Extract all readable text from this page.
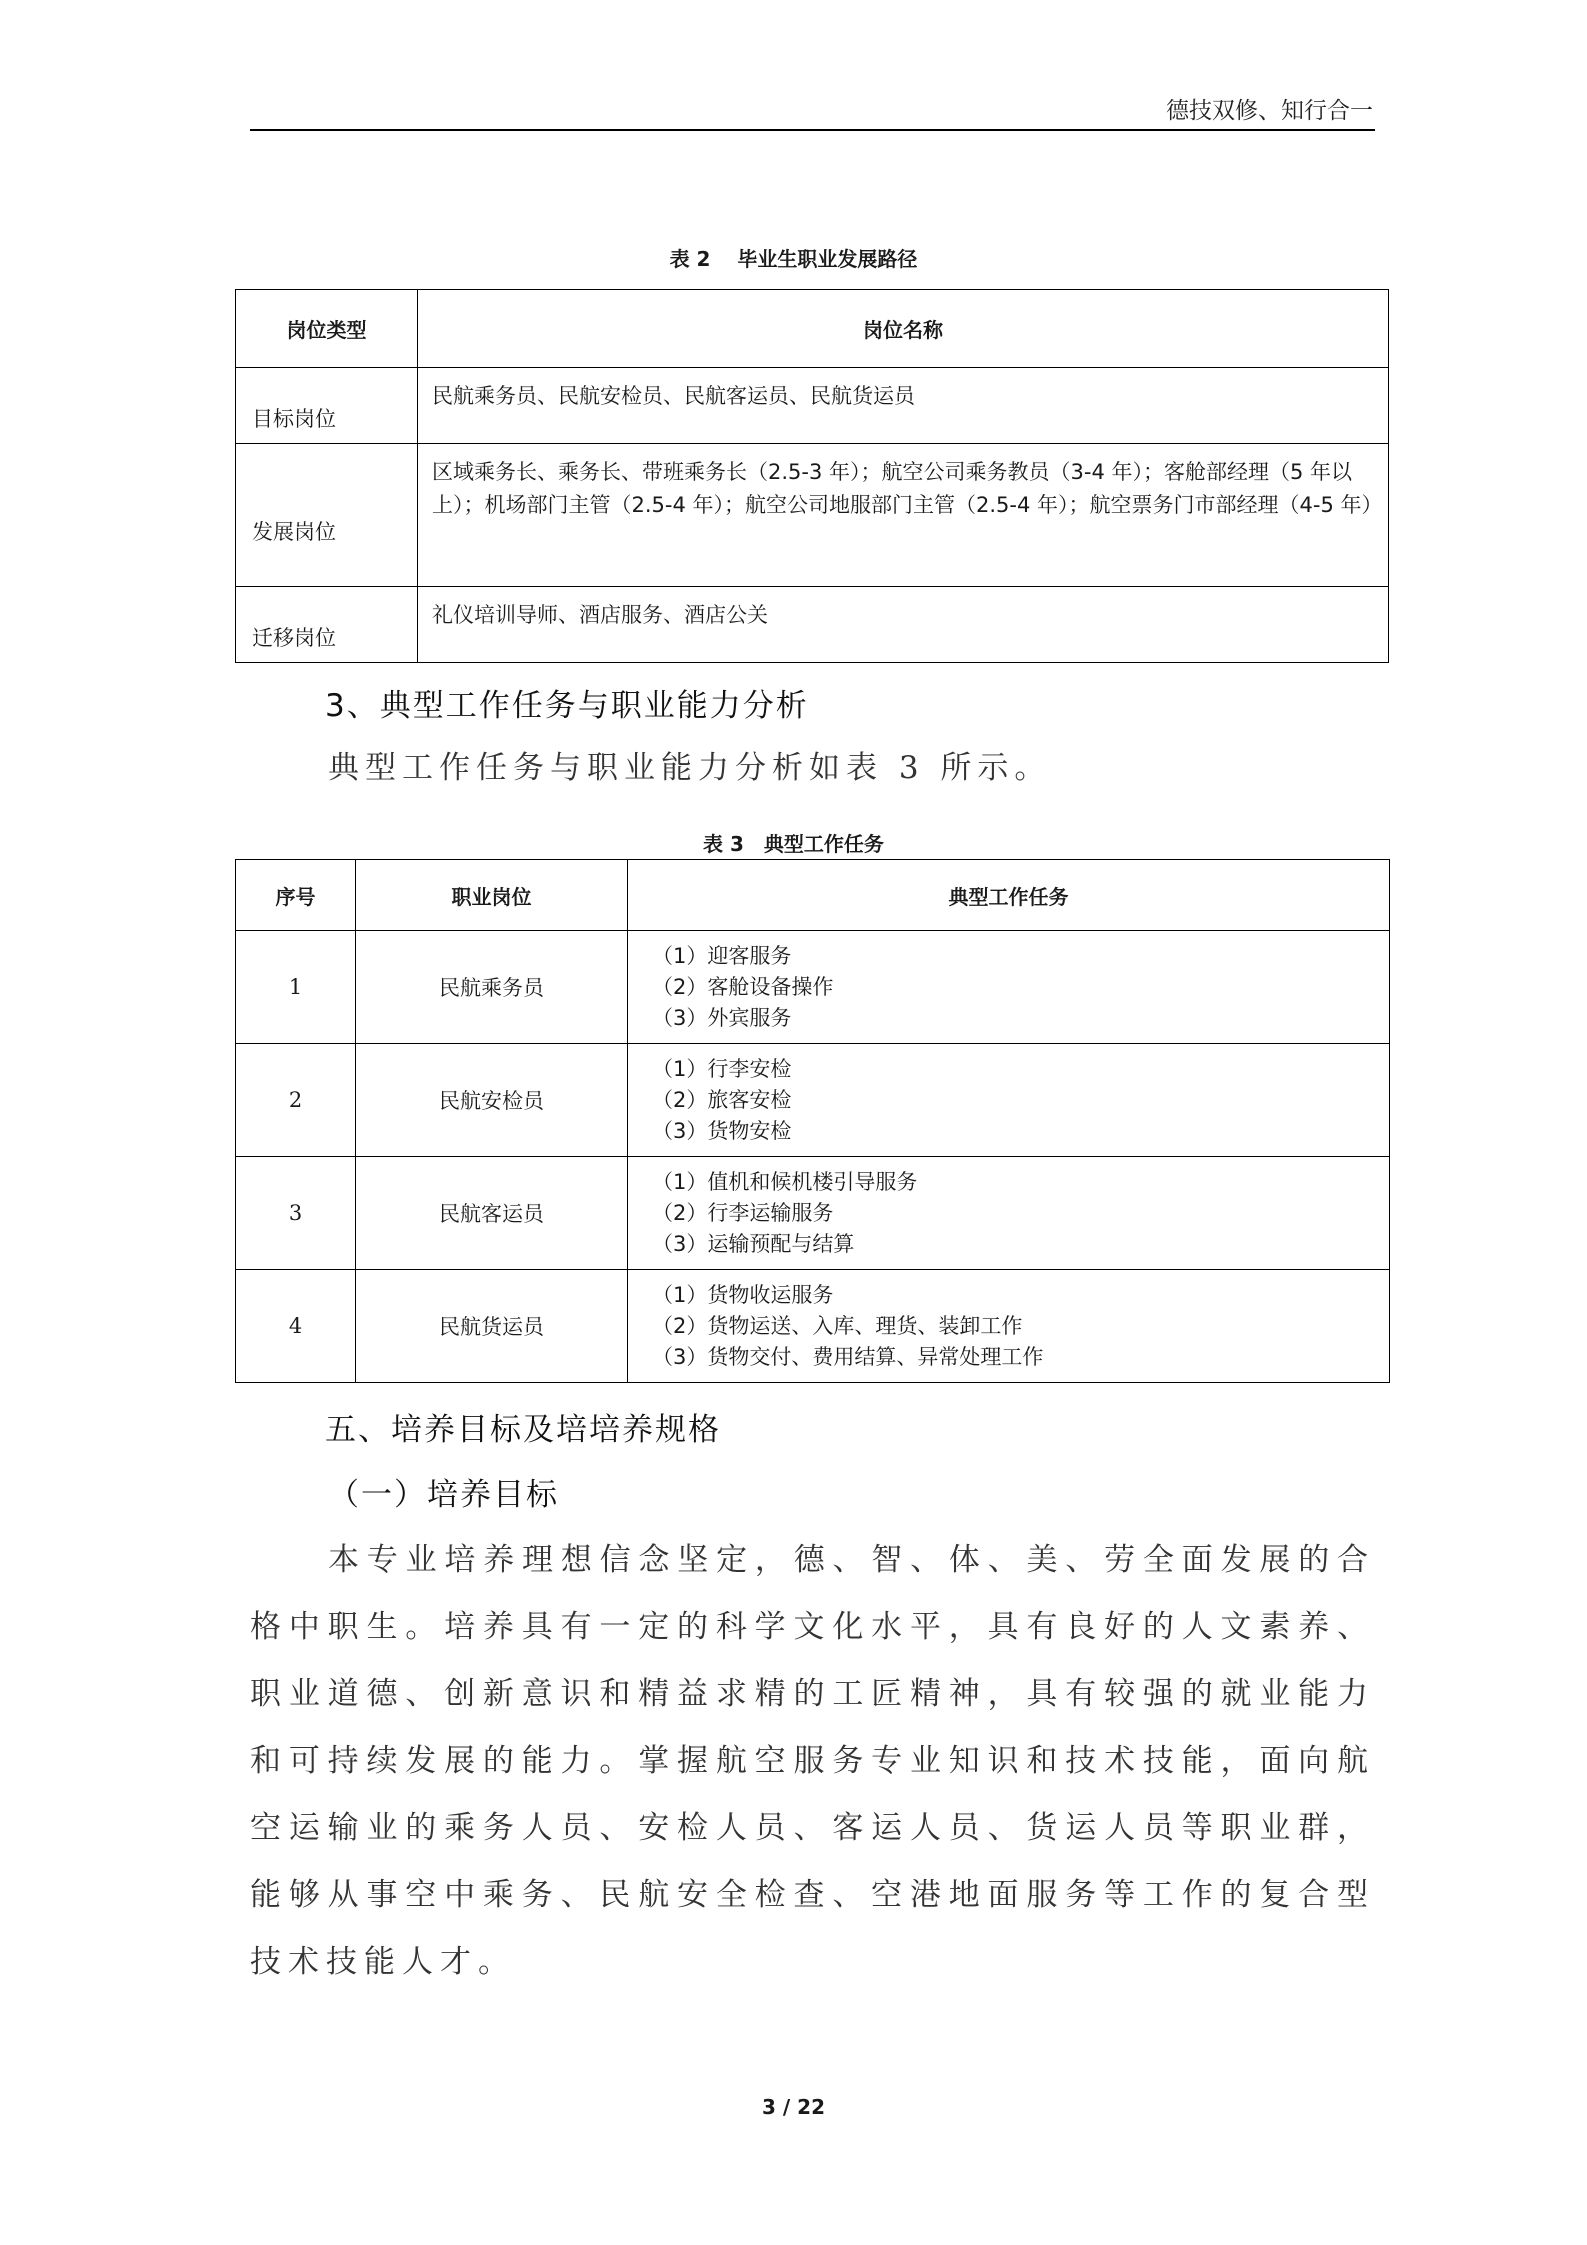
德技双修、知行合一
表 2　 毕业生职业发展路径
岗位类型	岗位名称
目标岗位	民航乘务员、民航安检员、民航客运员、民航货运员
发展岗位	区域乘务长、乘务长、带班乘务长（2.5-3 年）；航空公司乘务教员（3-4 年）；客舱部经理（5 年以上）；机场部门主管（2.5-4 年）；航空公司地服部门主管（2.5-4 年）；航空票务门市部经理（4-5 年）
迁移岗位	礼仪培训导师、酒店服务、酒店公关
3、典型工作任务与职业能力分析
典型工作任务与职业能力分析如表 3 所示。
表 3　典型工作任务
序号	职业岗位	典型工作任务
1	民航乘务员	（1）迎客服务
（2）客舱设备操作
（3）外宾服务

2	民航安检员	（1）行李安检
（2）旅客安检
（3）货物安检

3	民航客运员	（1）值机和候机楼引导服务
（2）行李运输服务
（3）运输预配与结算

4	民航货运员	（1）货物收运服务
（2）货物运送、入库、理货、装卸工作
（3）货物交付、费用结算、异常处理工作
五、培养目标及培培养规格
（一）培养目标
本专业培养理想信念坚定，德、智、体、美、劳全面发展的合格中职生。培养具有一定的科学文化水平，具有良好的人文素养、职业道德、创新意识和精益求精的工匠精神，具有较强的就业能力和可持续发展的能力。掌握航空服务专业知识和技术技能，面向航空运输业的乘务人员、安检人员、客运人员、货运人员等职业群，能够从事空中乘务、民航安全检查、空港地面服务等工作的复合型技术技能人才。
3 / 22
